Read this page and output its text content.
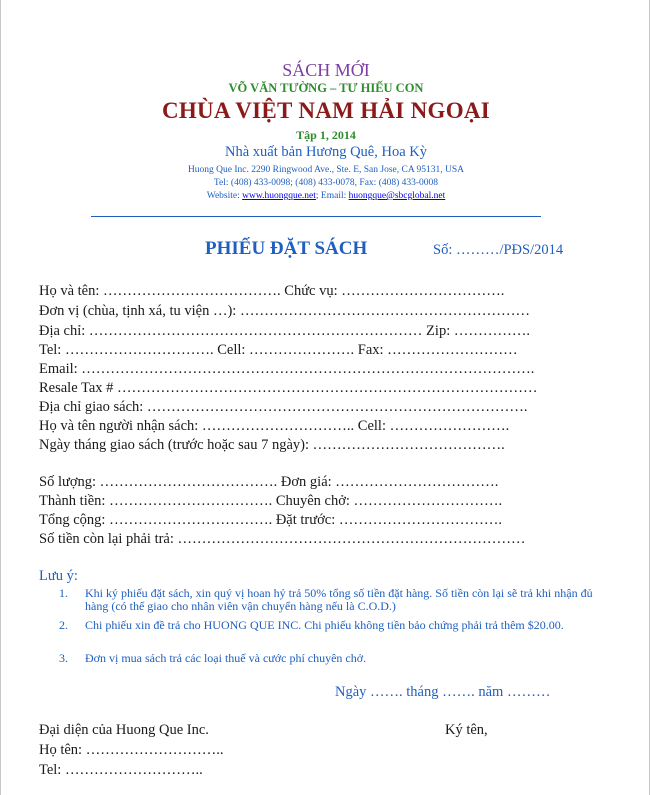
SÁCH MỚI
VÕ VĂN TƯỜNG – TƯ HIẾU CON
CHÙA VIỆT NAM HẢI NGOẠI
Tập 1, 2014
Nhà xuất bản Hương Quê, Hoa Kỳ
Huong Que Inc. 2290 Ringwood Ave., Ste. E, San Jose, CA 95131, USA
Tel: (408) 433-0098; (408) 433-0078, Fax: (408) 433-0008
Website: www.huongque.net; Email: huongque@sbcglobal.net
PHIẾU ĐẶT SÁCH	Số: ………/PĐS/2014
Họ và tên: ………………………………. Chức vụ: …………………………….
Đơn vị (chùa, tịnh xá, tu viện …): ……………………………………………………
Địa chỉ: …………………………………………………………… Zip: …………….
Tel: …………………………. Cell: …………………. Fax: ………………………
Email: ………………………………………………………………………………….
Resale Tax # ……………………………………………………………………………
Địa chỉ giao sách: …………………………………………………………………….
Họ và tên người nhận sách: ………………………….. Cell: …………………….
Ngày tháng giao sách (trước hoặc sau 7 ngày): ………………………………….
Số lượng: ………………………………. Đơn giá: …………………………….
Thành tiền: ……………………………. Chuyên chở: ………………………….
Tổng cộng: ……………………………. Đặt trước: …………………………….
Số tiền còn lại phải trả: ………………………………………………………………
Lưu ý:
1.	Khi ký phiếu đặt sách, xin quý vị hoan hỷ trả 50% tổng số tiền đặt hàng. Số tiền còn lại sẽ trả khi nhận đủ hàng (có thể giao cho nhân viên vận chuyển hàng nếu là C.O.D.)
2.	Chi phiếu xin đề trả cho HUONG QUE INC. Chi phiếu không tiền bảo chứng phải trả thêm $20.00.
3.	Đơn vị mua sách trả các loại thuế và cước phí chuyên chở.
Ngày ……. tháng ……. năm ………
Đại diện của Huong Que Inc.	Ký tên,
Họ tên: ………………………..
Tel: ………………………..
